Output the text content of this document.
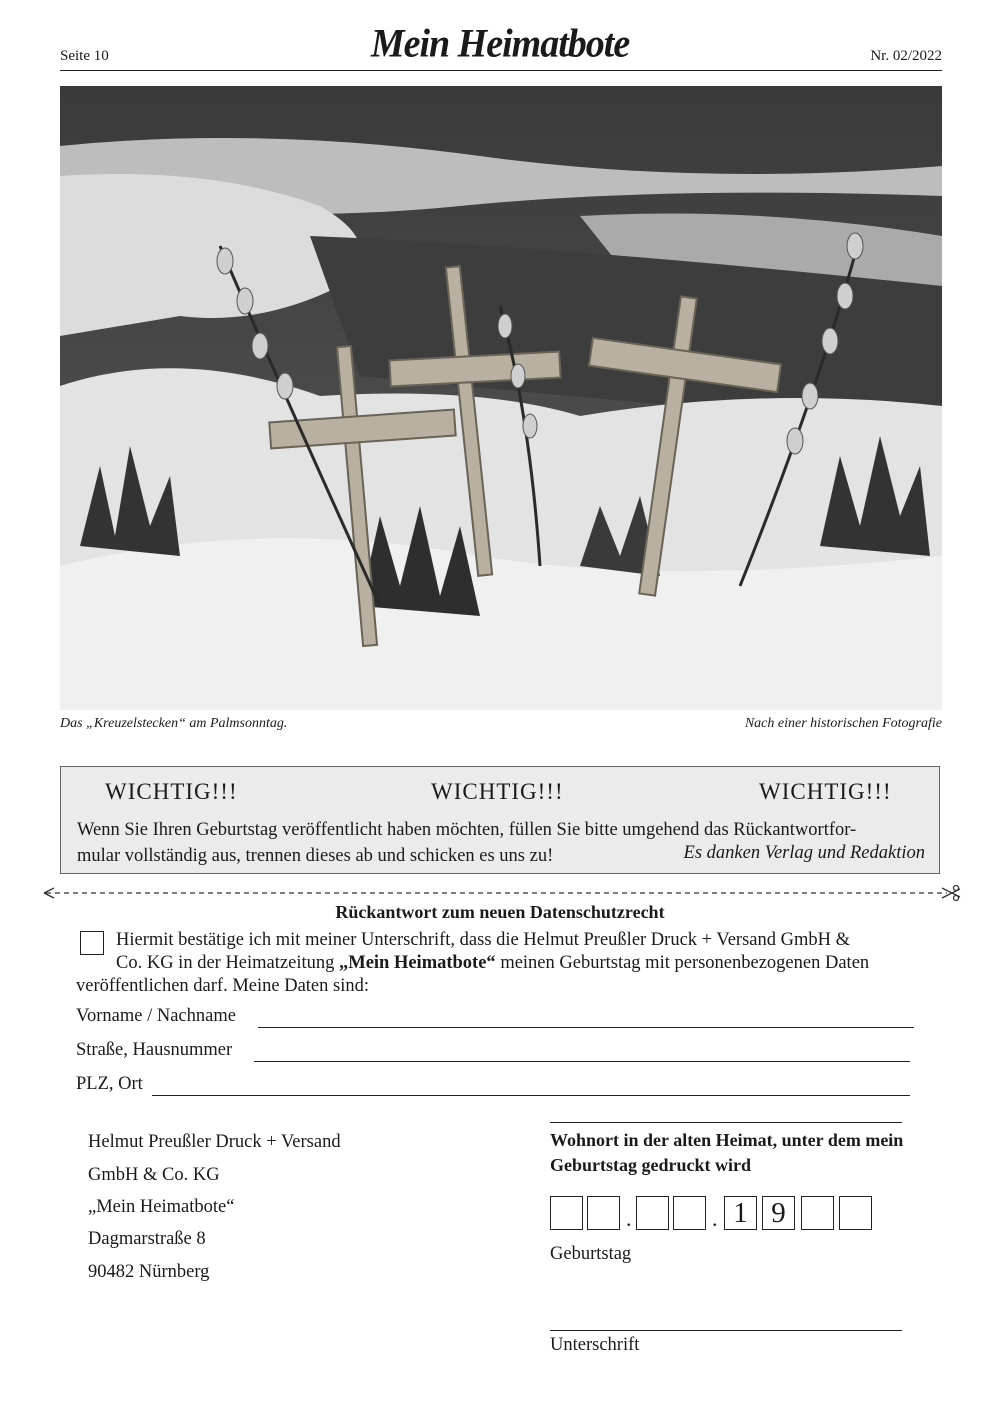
Seite 10	Mein Heimatbote	Nr. 02/2022
Das „Kreuzelstecken“ am Palmsonntag.	Nach einer historischen Fotografie
WICHTIG!!!	WICHTIG!!!	WICHTIG!!!
Wenn Sie Ihren Geburtstag veröffentlicht haben möchten, füllen Sie bitte umgehend das Rückantwortfor-
mular vollständig aus, trennen dieses ab und schicken es uns zu!	Es danken Verlag und Redaktion
Rückantwort zum neuen Datenschutzrecht
Hiermit bestätige ich mit meiner Unterschrift, dass die Helmut Preußler Druck + Versand GmbH &
Co. KG in der Heimatzeitung „Mein Heimatbote“ meinen Geburtstag mit personenbezogenen Daten
veröffentlichen darf. Meine Daten sind:
Vorname / Nachname
Straße, Hausnummer
PLZ, Ort
Helmut Preußler Druck + Versand
GmbH & Co. KG
„Mein Heimatbote“
Dagmarstraße 8
90482 Nürnberg
Wohnort in der alten Heimat, unter dem mein Geburtstag gedruckt wird
.	. 1 9
Geburtstag
Unterschrift
